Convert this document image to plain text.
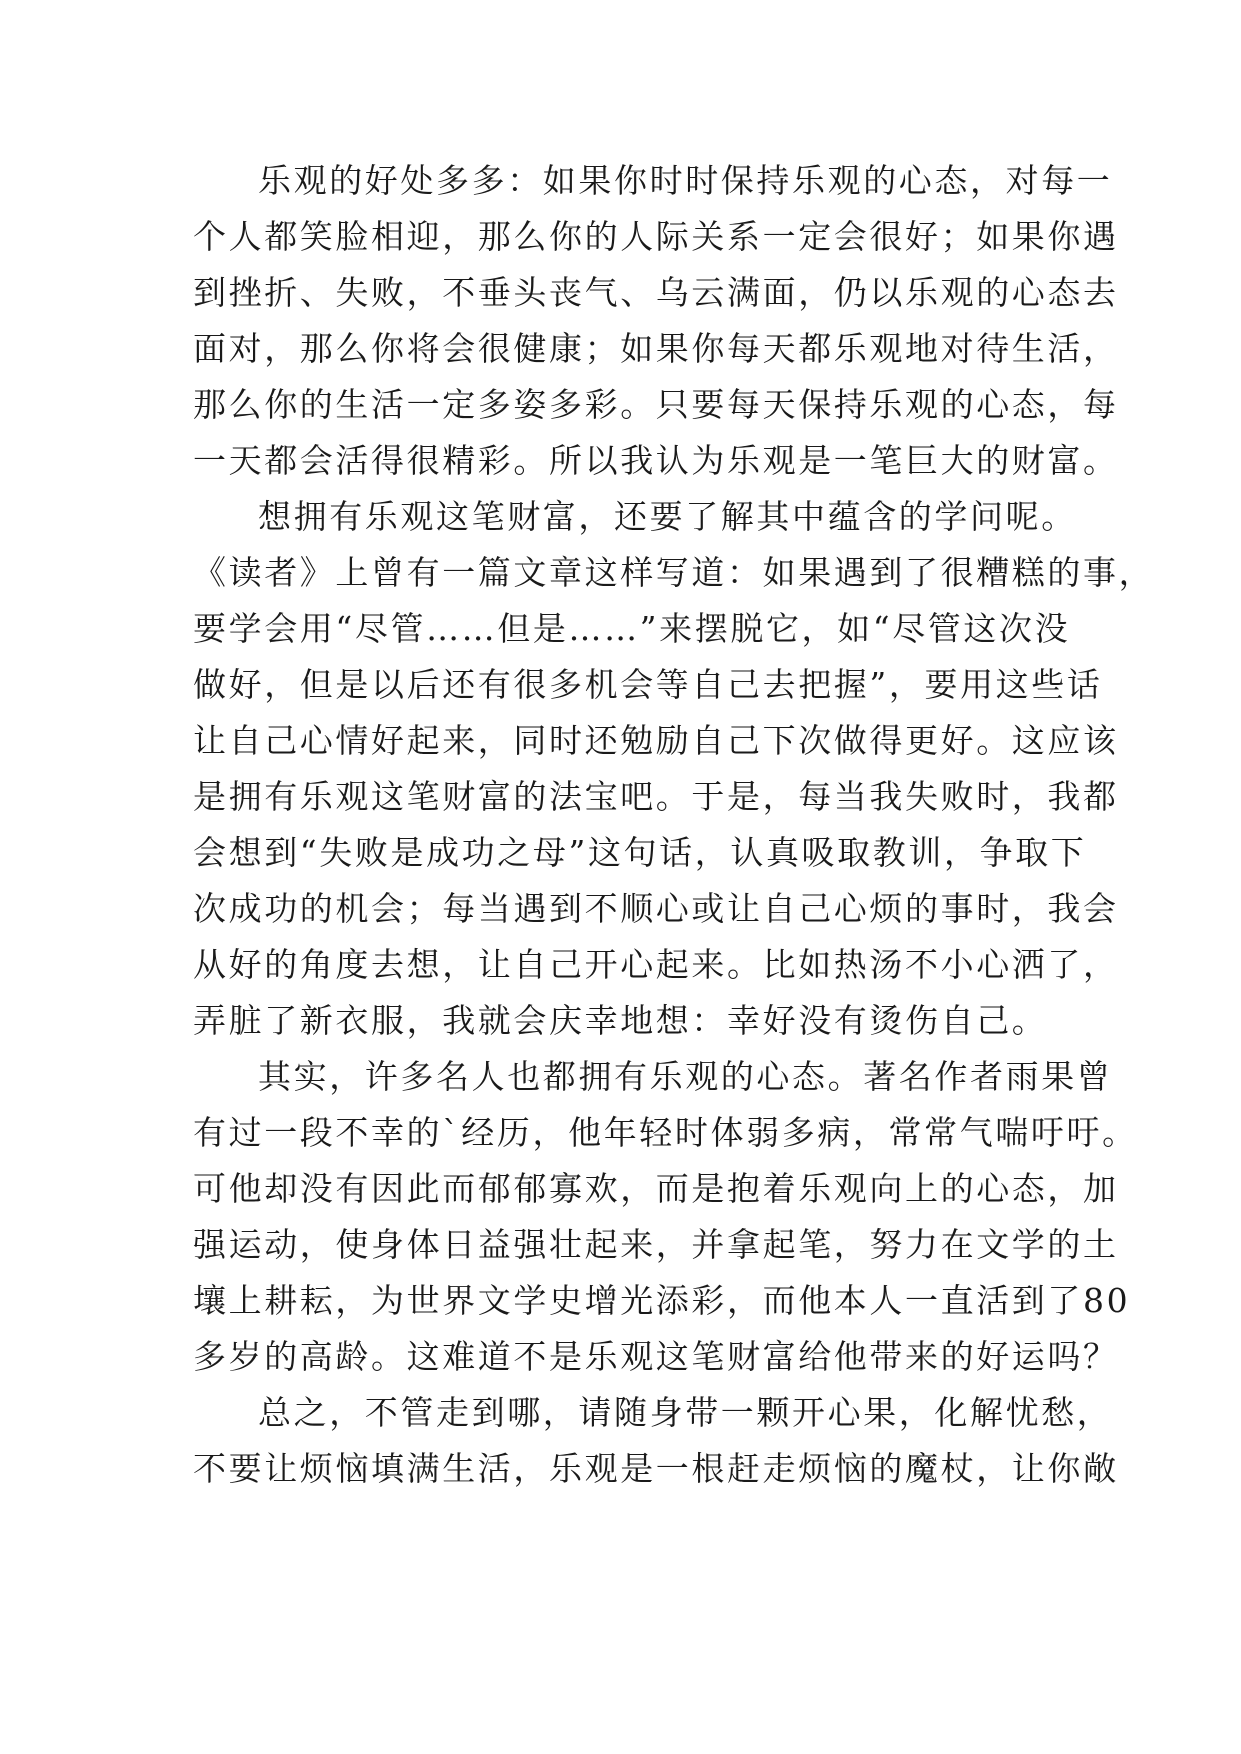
乐观的好处多多：如果你时时保持乐观的心态，对每一
个人都笑脸相迎，那么你的人际关系一定会很好；如果你遇
到挫折、失败，不垂头丧气、乌云满面，仍以乐观的心态去
面对，那么你将会很健康；如果你每天都乐观地对待生活，
那么你的生活一定多姿多彩。只要每天保持乐观的心态，每
一天都会活得很精彩。所以我认为乐观是一笔巨大的财富。
想拥有乐观这笔财富，还要了解其中蕴含的学问呢。
《读者》上曾有一篇文章这样写道：如果遇到了很糟糕的事，
要学会用“尽管……但是……”来摆脱它，如“尽管这次没
做好，但是以后还有很多机会等自己去把握”，要用这些话
让自己心情好起来，同时还勉励自己下次做得更好。这应该
是拥有乐观这笔财富的法宝吧。于是，每当我失败时，我都
会想到“失败是成功之母”这句话，认真吸取教训，争取下
次成功的机会；每当遇到不顺心或让自己心烦的事时，我会
从好的角度去想，让自己开心起来。比如热汤不小心洒了，
弄脏了新衣服，我就会庆幸地想：幸好没有烫伤自己。
其实，许多名人也都拥有乐观的心态。著名作者雨果曾
有过一段不幸的`经历，他年轻时体弱多病，常常气喘吁吁。
可他却没有因此而郁郁寡欢，而是抱着乐观向上的心态，加
强运动，使身体日益强壮起来，并拿起笔，努力在文学的土
壤上耕耘，为世界文学史增光添彩，而他本人一直活到了80
多岁的高龄。这难道不是乐观这笔财富给他带来的好运吗？
总之，不管走到哪，请随身带一颗开心果，化解忧愁，
不要让烦恼填满生活，乐观是一根赶走烦恼的魔杖，让你敞
